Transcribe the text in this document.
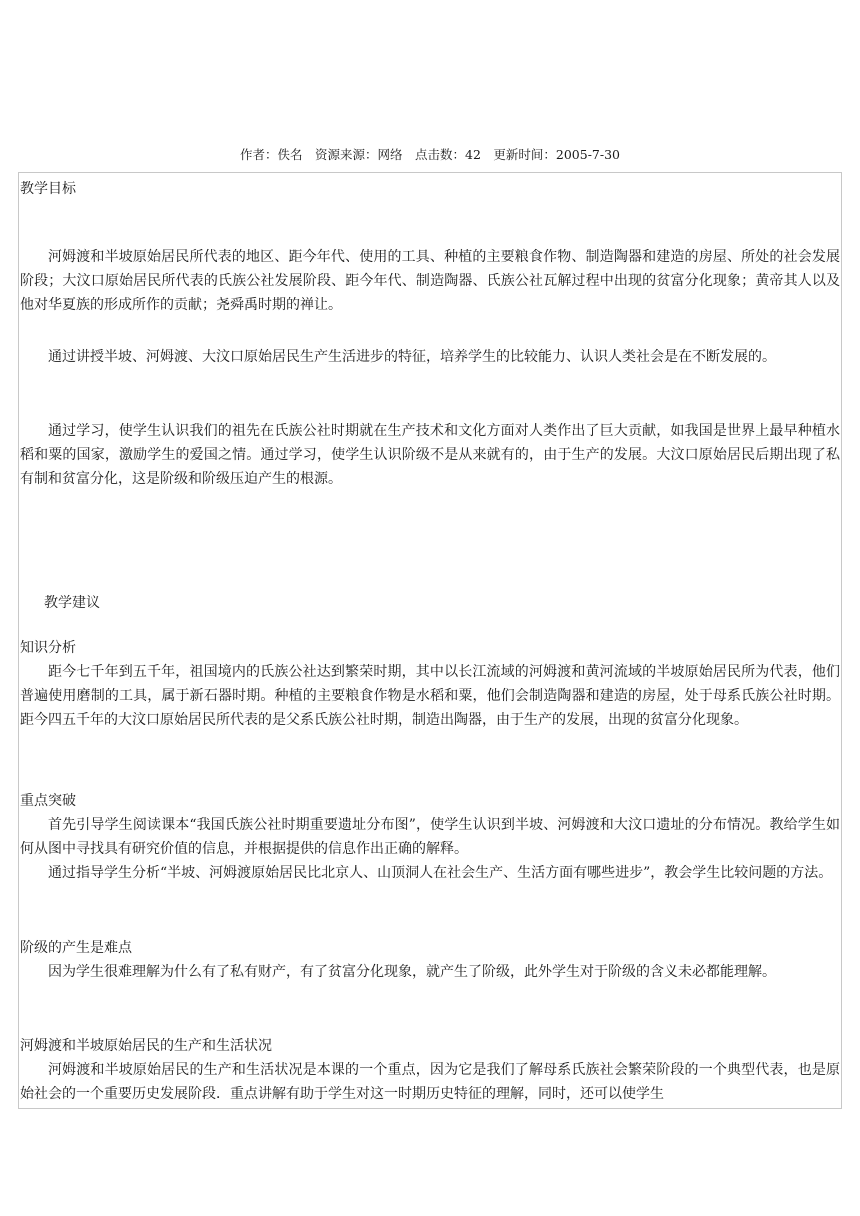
作者：佚名　资源来源：网络　点击数：42　更新时间：2005-7-30
教学目标

河姆渡和半坡原始居民所代表的地区、距今年代、使用的工具、种植的主要粮食作物、制造陶器和建造的房屋、所处的社会发展阶段；大汶口原始居民所代表的氏族公社发展阶段、距今年代、制造陶器、氏族公社瓦解过程中出现的贫富分化现象；黄帝其人以及他对华夏族的形成所作的贡献；尧舜禹时期的禅让。

通过讲授半坡、河姆渡、大汶口原始居民生产生活进步的特征，培养学生的比较能力、认识人类社会是在不断发展的。

通过学习，使学生认识我们的祖先在氏族公社时期就在生产技术和文化方面对人类作出了巨大贡献，如我国是世界上最早种植水稻和粟的国家，激励学生的爱国之情。通过学习，使学生认识阶级不是从来就有的，由于生产的发展。大汶口原始居民后期出现了私有制和贫富分化，这是阶级和阶级压迫产生的根源。

教学建议
知识分析

距今七千年到五千年，祖国境内的氏族公社达到繁荣时期，其中以长江流域的河姆渡和黄河流域的半坡原始居民所为代表，他们普遍使用磨制的工具，属于新石器时期。种植的主要粮食作物是水稻和粟，他们会制造陶器和建造的房屋，处于母系氏族公社时期。距今四五千年的大汶口原始居民所代表的是父系氏族公社时期，制造出陶器，由于生产的发展，出现的贫富分化现象。

重点突破

首先引导学生阅读课本“我国氏族公社时期重要遗址分布图”，使学生认识到半坡、河姆渡和大汶口遗址的分布情况。教给学生如何从图中寻找具有研究价值的信息，并根据提供的信息作出正确的解释。

通过指导学生分析“半坡、河姆渡原始居民比北京人、山顶洞人在社会生产、生活方面有哪些进步”，教会学生比较问题的方法。

阶级的产生是难点

因为学生很难理解为什么有了私有财产，有了贫富分化现象，就产生了阶级，此外学生对于阶级的含义未必都能理解。

河姆渡和半坡原始居民的生产和生活状况

河姆渡和半坡原始居民的生产和生活状况是本课的一个重点，因为它是我们了解母系氏族社会繁荣阶段的一个典型代表，也是原始社会的一个重要历史发展阶段．重点讲解有助于学生对这一时期历史特征的理解，同时，还可以使学生
